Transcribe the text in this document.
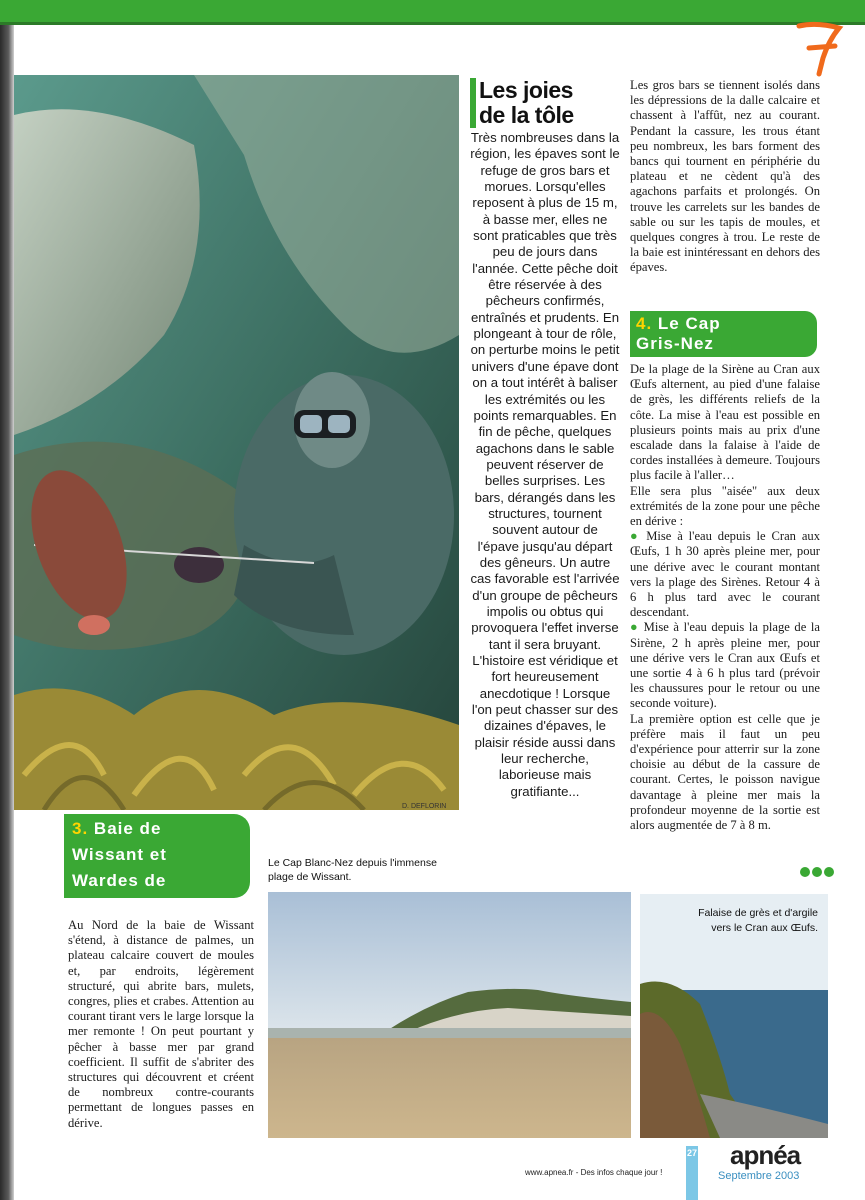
D. DEFLORIN
Les joies
de la tôle

Très nombreuses dans la région, les épaves sont le refuge de gros bars et morues. Lorsqu'elles reposent à plus de 15 m, à basse mer, elles ne sont praticables que très peu de jours dans l'année. Cette pêche doit être réservée à des pêcheurs confirmés, entraînés et prudents. En plongeant à tour de rôle, on perturbe moins le petit univers d'une épave dont on a tout intérêt à baliser les extrémités ou les points remarquables. En fin de pêche, quelques agachons dans le sable peuvent réserver de belles surprises. Les bars, dérangés dans les structures, tournent souvent autour de l'épave jusqu'au départ des gêneurs. Un autre cas favorable est l'arrivée d'un groupe de pêcheurs impolis ou obtus qui provoquera l'effet inverse tant il sera bruyant. L'histoire est véridique et fort heureusement anecdotique ! Lorsque l'on peut chasser sur des dizaines d'épaves, le plaisir réside aussi dans leur recherche, laborieuse mais gratifiante...

Les gros bars se tiennent isolés dans les dépressions de la dalle calcaire et chassent à l'affût, nez au courant. Pendant la cassure, les trous étant peu nombreux, les bars forment des bancs qui tournent en périphérie du plateau et ne cèdent qu'à des agachons parfaits et prolongés. On trouve les carrelets sur les bandes de sable ou sur les tapis de moules, et quelques congres à trou. Le reste de la baie est inintéressant en dehors des épaves.

4. Le Cap
Gris-Nez

De la plage de la Sirène au Cran aux Œufs alternent, au pied d'une falaise de grès, les différents reliefs de la côte. La mise à l'eau est possible en plusieurs points mais au prix d'une escalade dans la falaise à l'aide de cordes installées à demeure. Toujours plus facile à l'aller…

Elle sera plus "aisée" aux deux extrémités de la zone pour une pêche en dérive :

● Mise à l'eau depuis le Cran aux Œufs, 1 h 30 après pleine mer, pour une dérive avec le courant montant vers la plage des Sirènes. Retour 4 à 6 h plus tard avec le courant descendant.

● Mise à l'eau depuis la plage de la Sirène, 2 h après pleine mer, pour une dérive vers le Cran aux Œufs et une sortie 4 à 6 h plus tard (prévoir les chaussures pour le retour ou une seconde voiture).

La première option est celle que je préfère mais il faut un peu d'expérience pour atterrir sur la zone choisie au début de la cassure de courant. Certes, le poisson navigue davantage à pleine mer mais la profondeur moyenne de la sortie est alors augmentée de 7 à 8 m.

3. Baie de
Wissant et
Wardes de
Saint Pô

Au Nord de la baie de Wissant s'étend, à distance de palmes, un plateau calcaire couvert de moules et, par endroits, légèrement structuré, qui abrite bars, mulets, congres, plies et crabes. Attention au courant tirant vers le large lorsque la mer remonte ! On peut pourtant y pêcher à basse mer par grand coefficient. Il suffit de s'abriter des structures qui découvrent et créent de nombreux contre-courants permettant de longues passes en dérive.

Le Cap Blanc-Nez depuis l'immense plage de Wissant.
Falaise de grès et d'argile vers le Cran aux Œufs.
www.apnea.fr - Des infos chaque jour !
27 apnéa
Septembre 2003
